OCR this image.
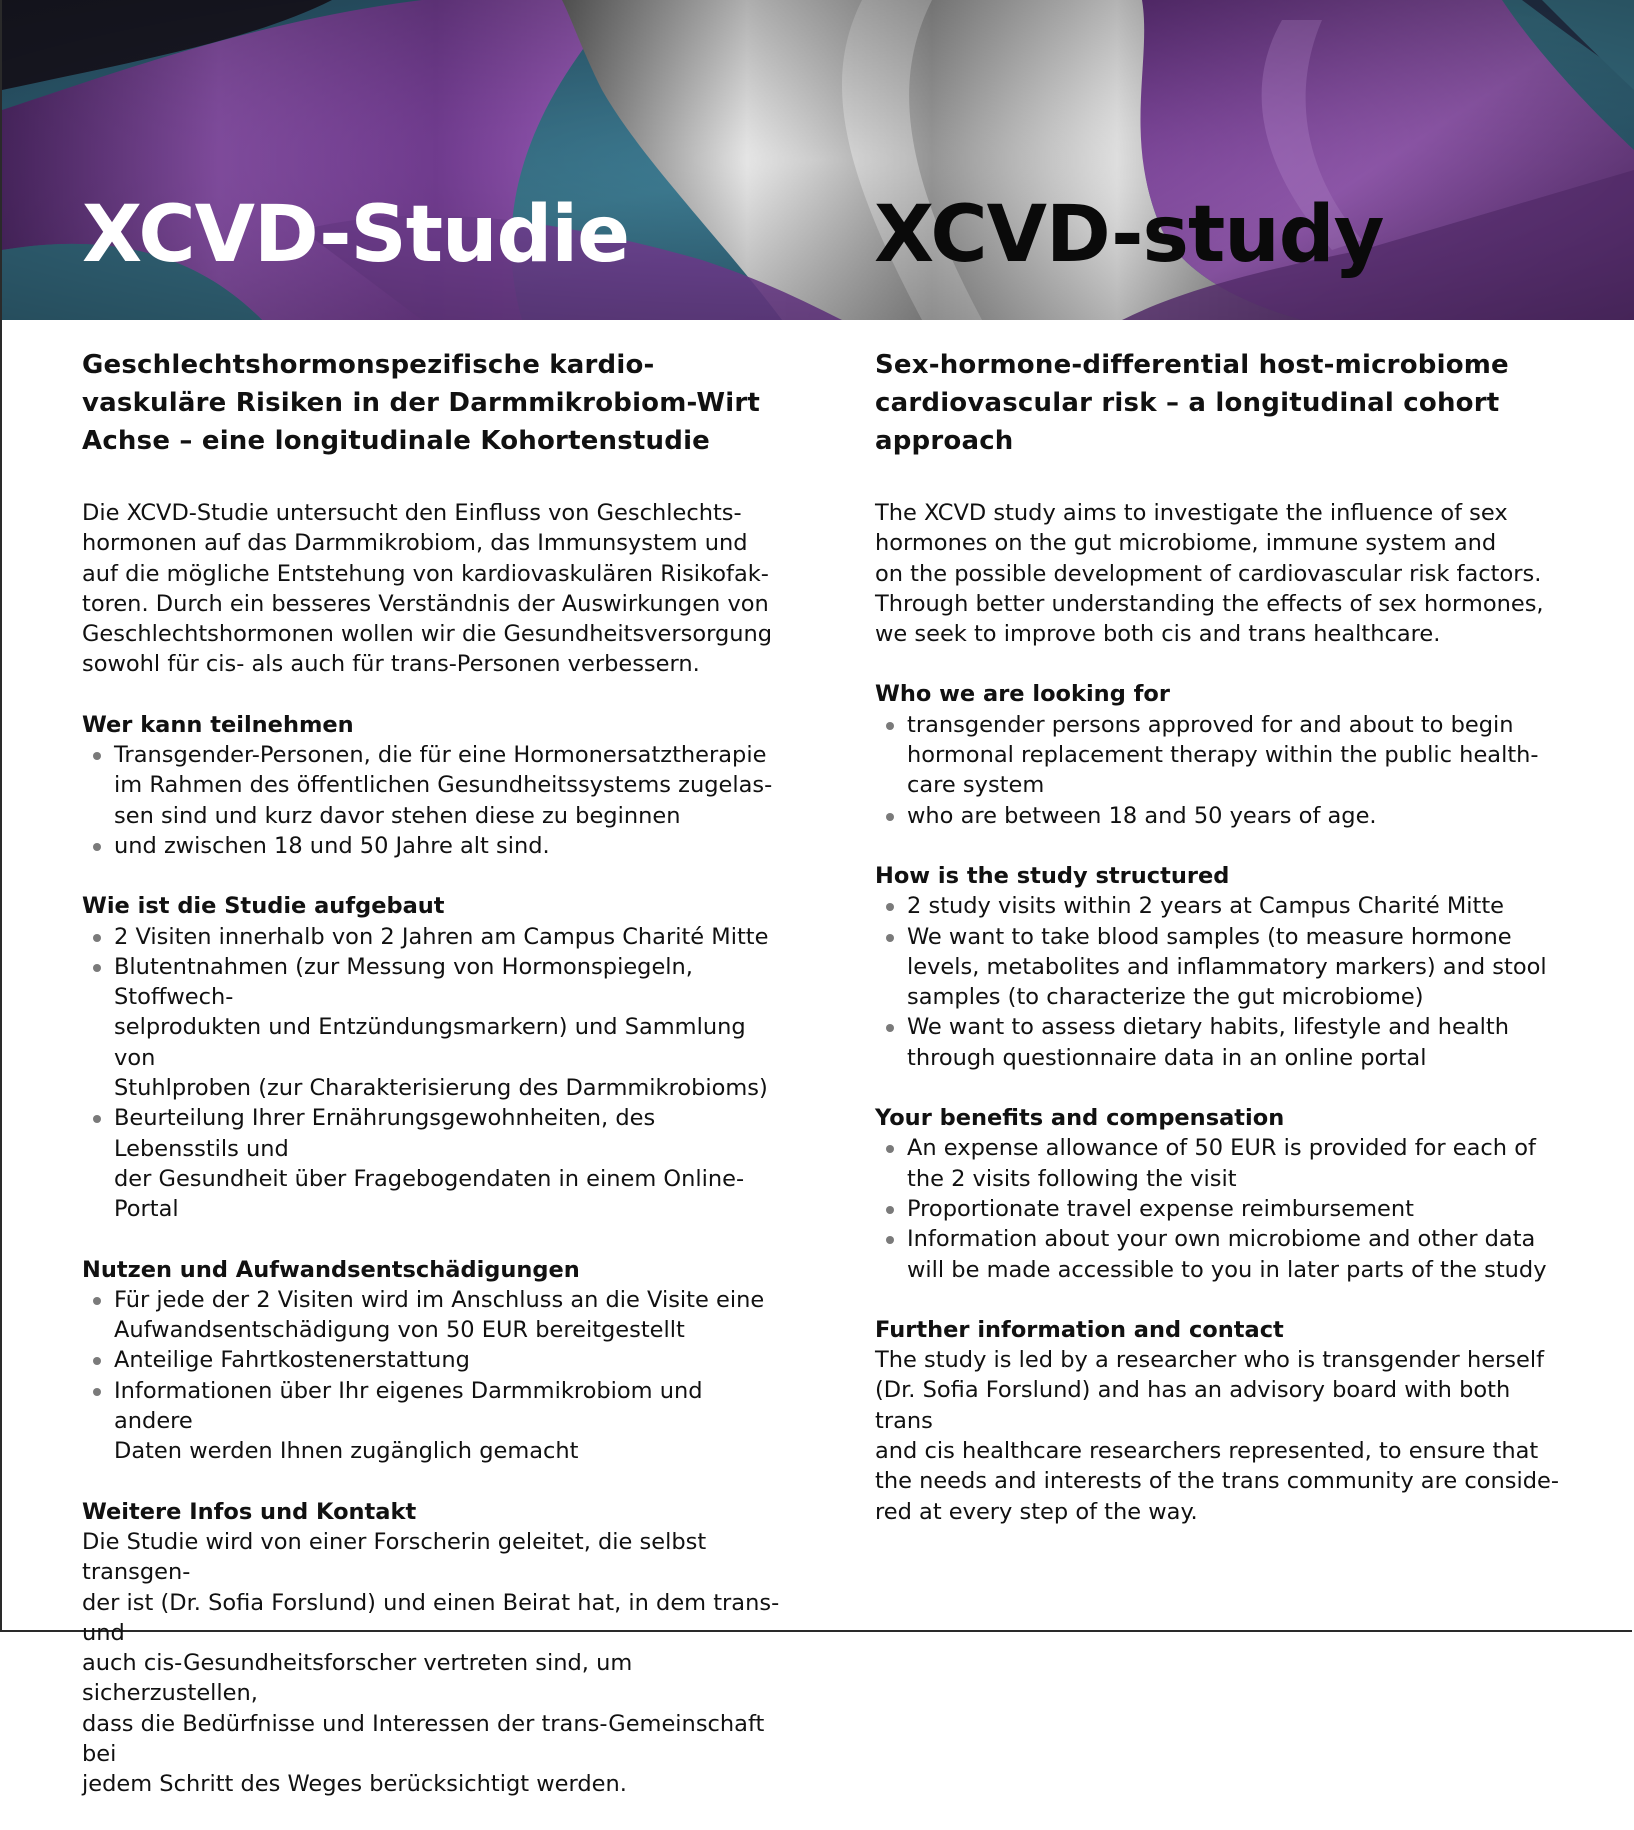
XCVD-Studie	XCVD-study
Geschlechtshormonspezifische kardio-
vaskuläre Risiken in der Darmmikrobiom-Wirt
Achse – eine longitudinale Kohortenstudie

Die XCVD-Studie untersucht den Einfluss von Geschlechts-
hormonen auf das Darmmikrobiom, das Immunsystem und
auf die mögliche Entstehung von kardiovaskulären Risikofak-
toren. Durch ein besseres Verständnis der Auswirkungen von
Geschlechtshormonen wollen wir die Gesundheitsversorgung
sowohl für cis- als auch für trans-Personen verbessern.

Wer kann teilnehmen
Transgender-Personen, die für eine Hormonersatztherapie
im Rahmen des öffentlichen Gesundheitssystems zugelas-
sen sind und kurz davor stehen diese zu beginnen
und zwischen 18 und 50 Jahre alt sind.
Wie ist die Studie aufgebaut
2 Visiten innerhalb von 2 Jahren am Campus Charité Mitte
Blutentnahmen (zur Messung von Hormonspiegeln, Stoffwech-
selprodukten und Entzündungsmarkern) und Sammlung von
Stuhlproben (zur Charakterisierung des Darmmikrobioms)
Beurteilung Ihrer Ernährungsgewohnheiten, des Lebensstils und
der Gesundheit über Fragebogendaten in einem Online-Portal
Nutzen und Aufwandsentschädigungen
Für jede der 2 Visiten wird im Anschluss an die Visite eine
Aufwandsentschädigung von 50 EUR bereitgestellt
Anteilige Fahrtkostenerstattung
Informationen über Ihr eigenes Darmmikrobiom und andere
Daten werden Ihnen zugänglich gemacht
Weitere Infos und Kontakt

Die Studie wird von einer Forscherin geleitet, die selbst transgen-
der ist (Dr. Sofia Forslund) und einen Beirat hat, in dem trans- und
auch cis-Gesundheitsforscher vertreten sind, um sicherzustellen,
dass die Bedürfnisse und Interessen der trans-Gemeinschaft bei
jedem Schritt des Weges berücksichtigt werden.

Sex-hormone-differential host-microbiome
cardiovascular risk – a longitudinal cohort
approach

The XCVD study aims to investigate the influence of sex
hormones on the gut microbiome, immune system and
on the possible development of cardiovascular risk factors.
Through better understanding the effects of sex hormones,
we seek to improve both cis and trans healthcare.

Who we are looking for
transgender persons approved for and about to begin
hormonal replacement therapy within the public health-
care system
who are between 18 and 50 years of age.
How is the study structured
2 study visits within 2 years at Campus Charité Mitte
We want to take blood samples (to measure hormone
levels, metabolites and inflammatory markers) and stool
samples (to characterize the gut microbiome)
We want to assess dietary habits, lifestyle and health
through questionnaire data in an online portal
Your benefits and compensation
An expense allowance of 50 EUR is provided for each of
the 2 visits following the visit
Proportionate travel expense reimbursement
Information about your own microbiome and other data
will be made accessible to you in later parts of the study
Further information and contact

The study is led by a researcher who is transgender herself
(Dr. Sofia Forslund) and has an advisory board with both trans
and cis healthcare researchers represented, to ensure that
the needs and interests of the trans community are conside-
red at every step of the way.
